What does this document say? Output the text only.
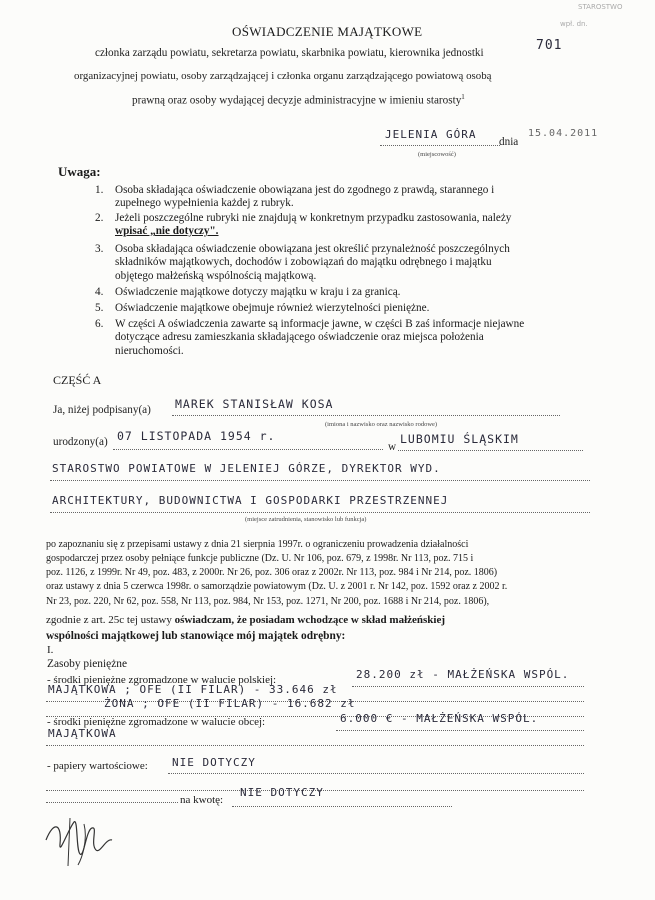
STAROSTWO
wpł. dn.
701
OŚWIADCZENIE MAJĄTKOWE
członka zarządu powiatu, sekretarza powiatu, skarbnika powiatu, kierownika jednostki
organizacyjnej powiatu, osoby zarządzającej i członka organu zarządzającego powiatową osobą
prawną oraz osoby wydającej decyzje administracyjne w imieniu starosty$^1$
JELENIA GÓRA
dnia
15.04.2011
(miejscowość)
Uwaga:
1. Osoba składająca oświadczenie obowiązana jest do zgodnego z prawdą, starannego i
zupełnego wypełnienia każdej z rubryk.
2. Jeżeli poszczególne rubryki nie znajdują w konkretnym przypadku zastosowania, należy
wpisać „nie dotyczy".
3. Osoba składająca oświadczenie obowiązana jest określić przynależność poszczególnych
składników majątkowych, dochodów i zobowiązań do majątku odrębnego i majątku
objętego małżeńską wspólnością majątkową.
4. Oświadczenie majątkowe dotyczy majątku w kraju i za granicą.
5. Oświadczenie majątkowe obejmuje również wierzytelności pieniężne.
6. W części A oświadczenia zawarte są informacje jawne, w części B zaś informacje niejawne
dotyczące adresu zamieszkania składającego oświadczenie oraz miejsca położenia
nieruchomości.
CZĘŚĆ A
Ja, niżej podpisany(a) MAREK STANISŁAW KOSA
(imiona i nazwisko oraz nazwisko rodowe)
urodzony(a) 07 LISTOPADA 1954 r.
w
LUBOMIU ŚLĄSKIM
STAROSTWO POWIATOWE W JELENIEJ GÓRZE, DYREKTOR WYD.
ARCHITEKTURY, BUDOWNICTWA I GOSPODARKI PRZESTRZENNEJ
(miejsce zatrudnienia, stanowisko lub funkcja)
po zapoznaniu się z przepisami ustawy z dnia 21 sierpnia 1997r. o ograniczeniu prowadzenia działalności
gospodarczej przez osoby pełniące funkcje publiczne (Dz. U. Nr 106, poz. 679, z 1998r. Nr 113, poz. 715 i
poz. 1126, z 1999r. Nr 49, poz. 483, z 2000r. Nr 26, poz. 306 oraz z 2002r. Nr 113, poz. 984 i Nr 214, poz. 1806)
oraz ustawy z dnia 5 czerwca 1998r. o samorządzie powiatowym (Dz. U. z 2001 r. Nr 142, poz. 1592 oraz z 2002 r.
Nr 23, poz. 220, Nr 62, poz. 558, Nr 113, poz. 984, Nr 153, poz. 1271, Nr 200, poz. 1688 i Nr 214, poz. 1806),
zgodnie z art. 25c tej ustawy oświadczam, że posiadam wchodzące w skład małżeńskiej
wspólności majątkowej lub stanowiące mój majątek odrębny:
I.
Zasoby pieniężne
- środki pieniężne zgromadzone w walucie polskiej:	28.200 zł - MAŁŻEŃSKA WSPÓL.
MAJĄTKOWA ; OFE (II FILAR) - 33.646 zł
ŻONA ; OFE (II FILAR) - 16.682 zł
- środki pieniężne zgromadzone w walucie obcej:	6.000 € - MAŁŻEŃSKA WSPÓL.
MAJĄTKOWA
- papiery wartościowe: NIE DOTYCZY
na kwotę:
NIE DOTYCZY
